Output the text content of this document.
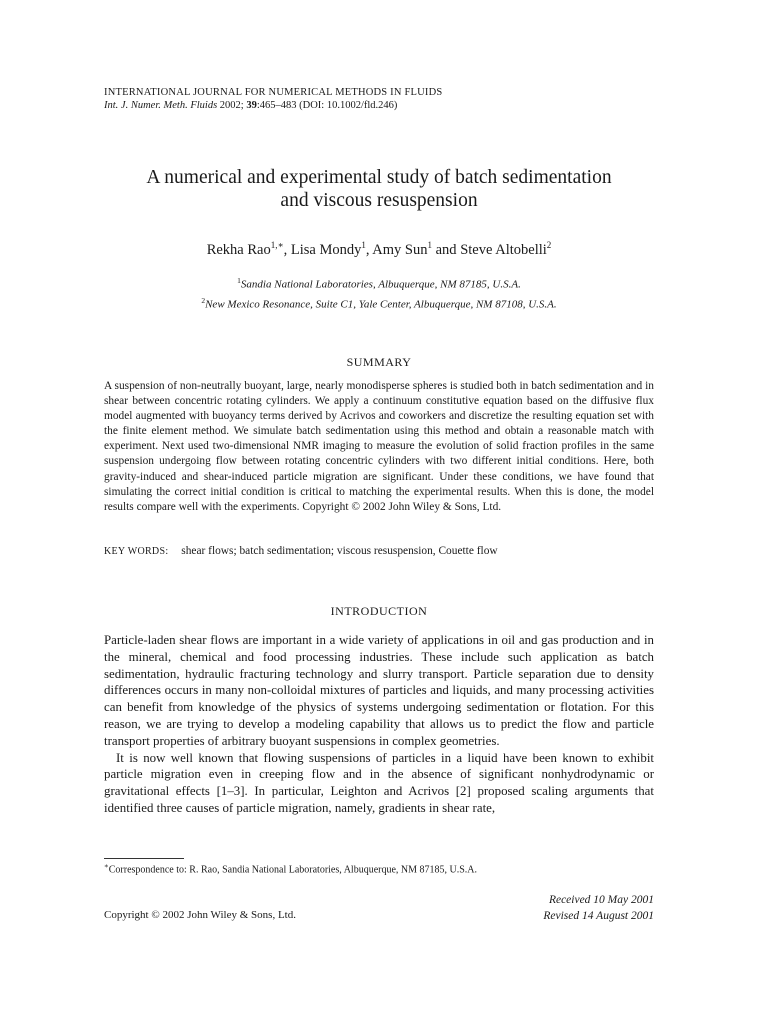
INTERNATIONAL JOURNAL FOR NUMERICAL METHODS IN FLUIDS
Int. J. Numer. Meth. Fluids 2002; 39:465–483 (DOI: 10.1002/fld.246)
A numerical and experimental study of batch sedimentation
and viscous resuspension
Rekha Rao$^{1,∗}$, Lisa Mondy$^1$, Amy Sun$^1$ and Steve Altobelli$^2$
$^1$Sandia National Laboratories, Albuquerque, NM 87185, U.S.A.
$^2$New Mexico Resonance, Suite C1, Yale Center, Albuquerque, NM 87108, U.S.A.
SUMMARY
A suspension of non-neutrally buoyant, large, nearly monodisperse spheres is studied both in batch sedimentation and in shear between concentric rotating cylinders. We apply a continuum constitutive equation based on the diffusive flux model augmented with buoyancy terms derived by Acrivos and coworkers and discretize the resulting equation set with the finite element method. We simulate batch sedimentation using this method and obtain a reasonable match with experiment. Next used two-dimensional NMR imaging to measure the evolution of solid fraction profiles in the same suspension undergoing flow between rotating concentric cylinders with two different initial conditions. Here, both gravity-induced and shear-induced particle migration are significant. Under these conditions, we have found that simulating the correct initial condition is critical to matching the experimental results. When this is done, the model results compare well with the experiments. Copyright © 2002 John Wiley & Sons, Ltd.
KEY WORDS: shear flows; batch sedimentation; viscous resuspension, Couette flow
INTRODUCTION

Particle-laden shear flows are important in a wide variety of applications in oil and gas production and in the mineral, chemical and food processing industries. These include such application as batch sedimentation, hydraulic fracturing technology and slurry transport. Particle separation due to density differences occurs in many non-colloidal mixtures of particles and liquids, and many processing activities can benefit from knowledge of the physics of systems undergoing sedimentation or flotation. For this reason, we are trying to develop a modeling capability that allows us to predict the flow and particle transport properties of arbitrary buoyant suspensions in complex geometries.

It is now well known that flowing suspensions of particles in a liquid have been known to exhibit particle migration even in creeping flow and in the absence of significant nonhydrodynamic or gravitational effects [1–3]. In particular, Leighton and Acrivos [2] proposed scaling arguments that identified three causes of particle migration, namely, gradients in shear rate,

∗Correspondence to: R. Rao, Sandia National Laboratories, Albuquerque, NM 87185, U.S.A.
Received 10 May 2001
Revised 14 August 2001
Copyright © 2002 John Wiley & Sons, Ltd.
